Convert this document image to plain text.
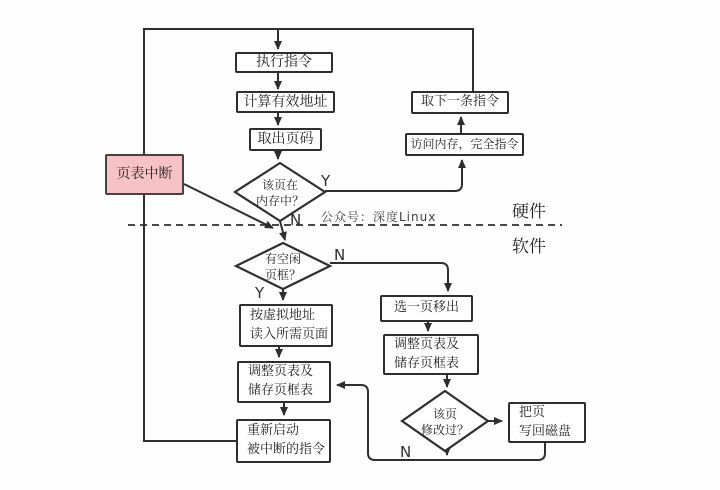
执行指令
计算有效地址
取出页码
取下一条指令
访问内存，完全指令
页表中断
按虚拟地址
读入所需页面
调整页表及
储存页框表
重新启动
被中断的指令
选一页移出
调整页表及
储存页框表
把页
写回磁盘
该页在
内存中？
有空闲
页框？
该页
修改过？
Y
N
N
Y
N
公众号：深度Linux	硬件
软件
